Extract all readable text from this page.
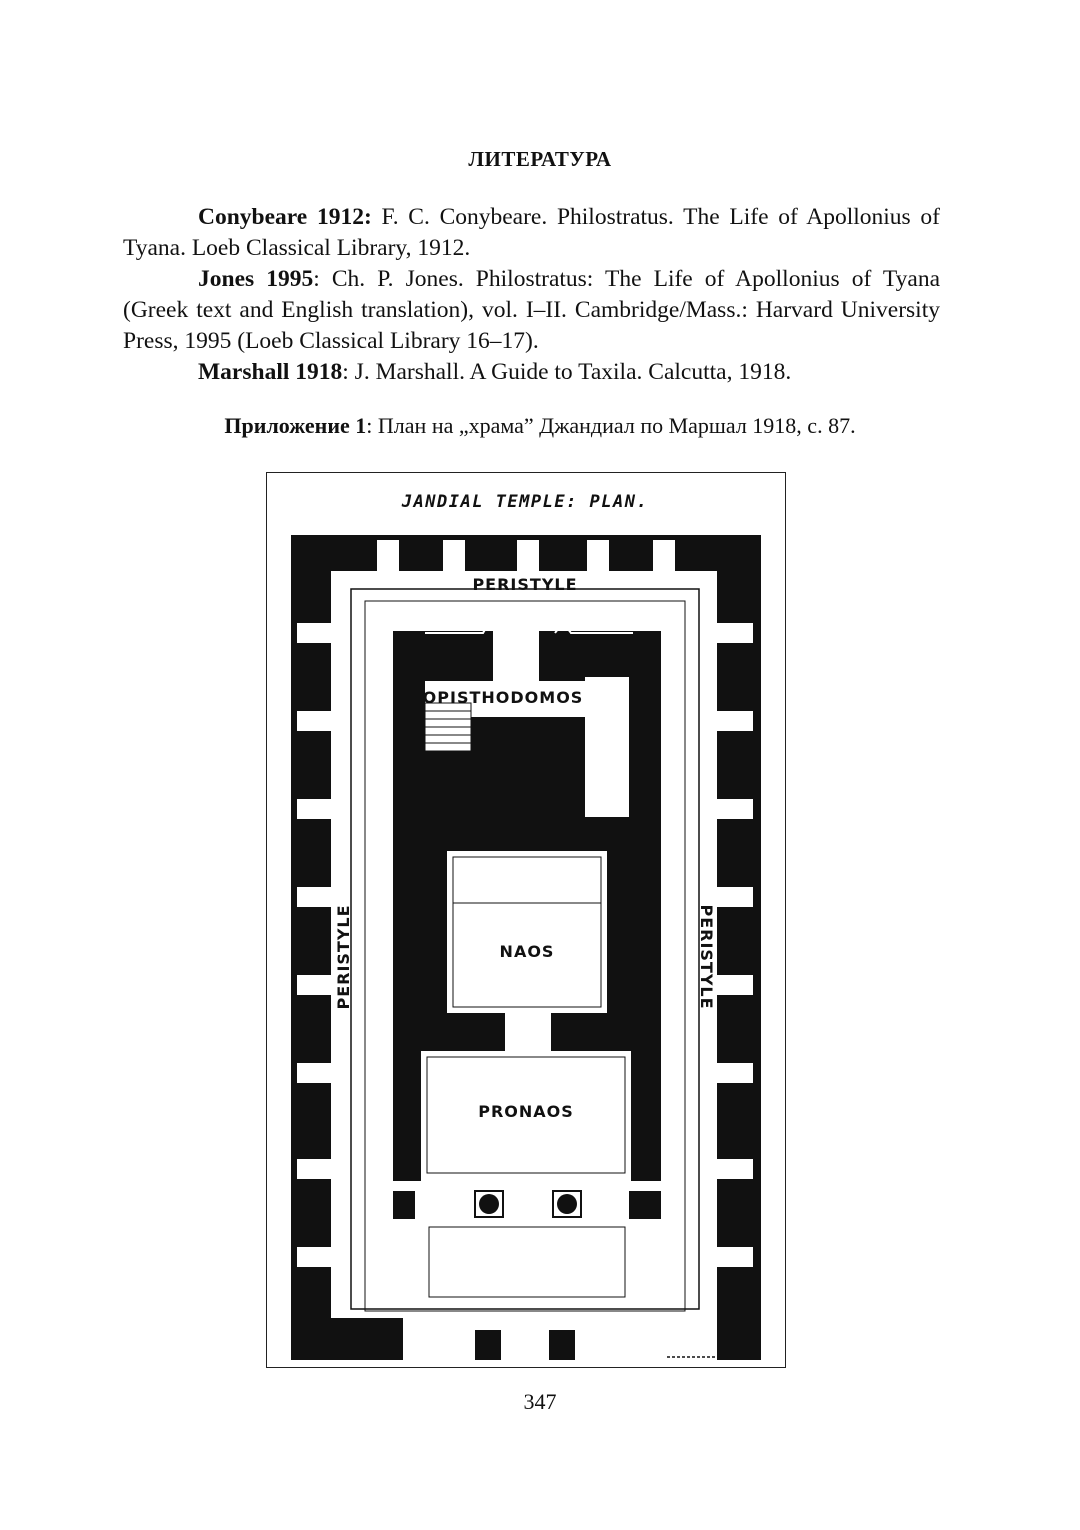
ЛИТЕРАТУРА

Conybeare 1912: F. C. Conybeare. Philostratus. The Life of Apollonius of Tyana. Loeb Classical Library, 1912.

Jones 1995: Ch. P. Jones. Philostratus: The Life of Apollonius of Tyana (Greek text and English translation), vol. I–II. Cambridge/Mass.: Harvard University Press, 1995 (Loeb Classical Library 16–17).

Marshall 1918: J. Marshall. A Guide to Taxila. Calcutta, 1918.

Приложение 1: План на „храма” Джандиал по Маршал 1918, с. 87.
JANDIAL TEMPLE: PLAN.
PERISTYLE
OPISTHODOMOS
NAOS
PRONAOS
PERISTYLE	PERISTYLE
347
